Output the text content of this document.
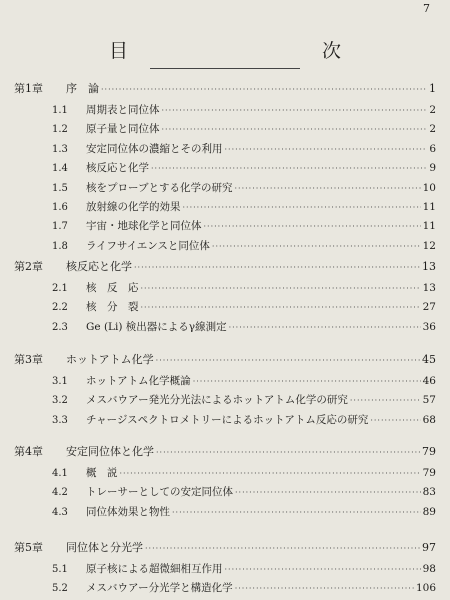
7
目　　次
第1章	序　論 ·····	1
1.1	周期表と同位体 ·····	2
1.2	原子量と同位体 ·····	2
1.3	安定同位体の濃縮とその利用 ·····	6
1.4	核反応と化学 ·····	9
1.5	核をプローブとする化学の研究 ·····	10
1.6	放射線の化学的効果 ·····	11
1.7	宇宙・地球化学と同位体 ·····	11
1.8	ライフサイエンスと同位体 ·····	12
第2章	核反応と化学 ·····	13
2.1	核　反　応 ·····	13
2.2	核　分　裂 ·····	27
2.3	Ge (Li) 検出器によるγ線測定 ·····	36
第3章	ホットアトム化学 ·····	45
3.1	ホットアトム化学概論 ·····	46
3.2	メスバウアー発光分光法によるホットアトム化学の研究 ·····	57
3.3	チャージスペクトロメトリーによるホットアトム反応の研究 ·····	68
第4章	安定同位体と化学 ·····	79
4.1	概　説 ·····	79
4.2	トレーサーとしての安定同位体 ·····	83
4.3	同位体効果と物性 ·····	89
第5章	同位体と分光学 ·····	97
5.1	原子核による超微細相互作用 ·····	98
5.2	メスバウアー分光学と構造化学 ·····	106
